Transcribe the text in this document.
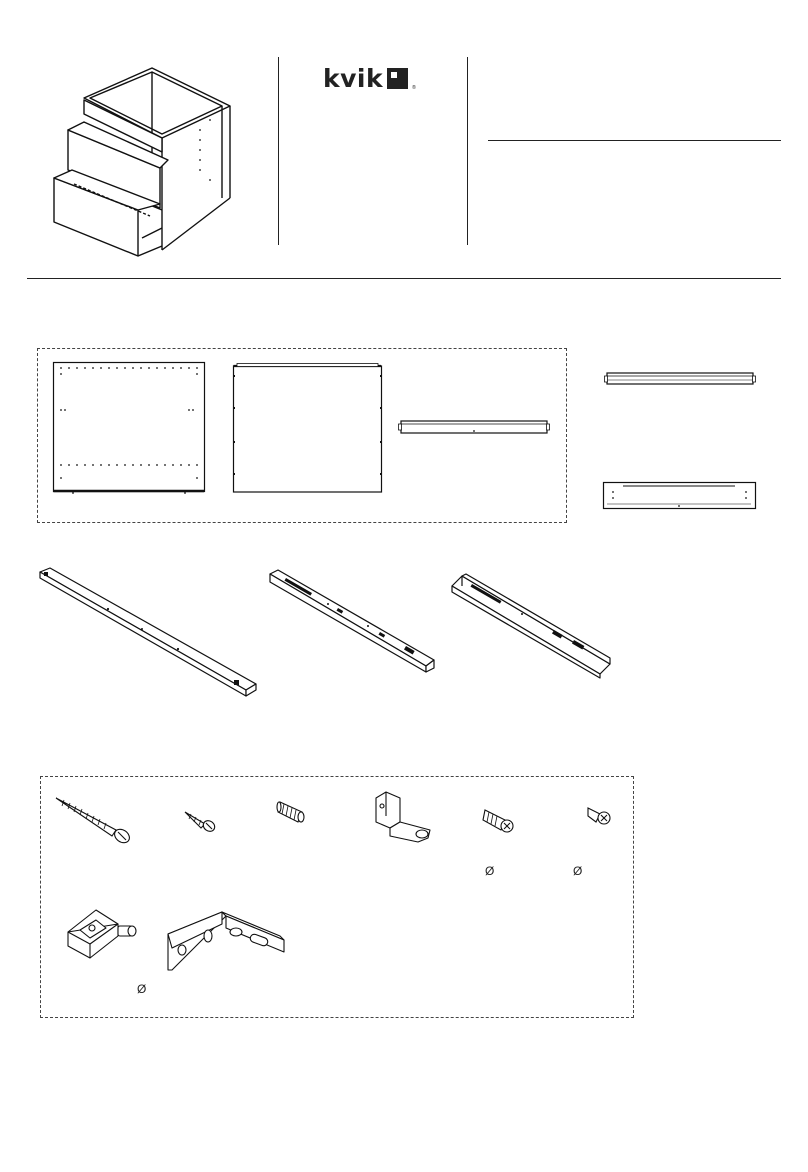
kvik	®
Ø	Ø
Ø
